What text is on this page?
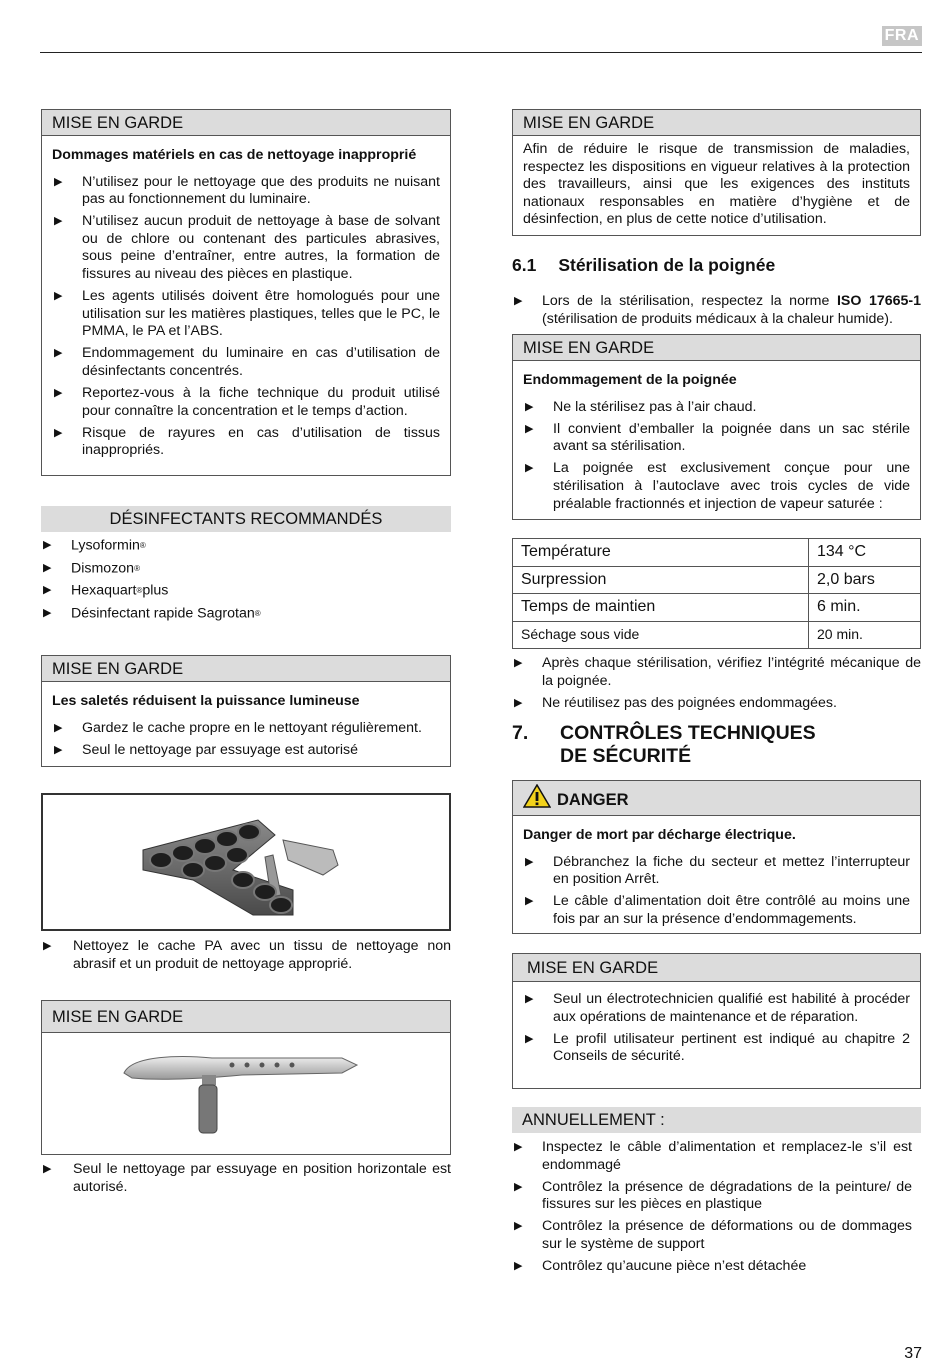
FRA
MISE EN GARDE
Dommages matériels en cas de nettoyage inapproprié
▶ N’utilisez pour le nettoyage que des produits ne nuisant pas au fonctionnement du luminaire.
▶ N’utilisez aucun produit de nettoyage à base de solvant ou de chlore ou contenant des particules abrasives, sous peine d’entraîner, entre autres, la formation de fissures au niveau des pièces en plastique.
▶ Les agents utilisés doivent être homologués pour une utilisation sur les matières plastiques, telles que le PC, le PMMA, le PA et l’ABS.
▶ Endommagement du luminaire en cas d’utilisation de désinfectants concentrés.
▶ Reportez-vous à la fiche technique du produit utilisé pour connaître la concentration et le temps d’action.
▶ Risque de rayures en cas d’utilisation de tissus inappropriés.
DÉSINFECTANTS RECOMMANDÉS
▶ Lysoformin®
▶ Dismozon®
▶ Hexaquart®plus
▶ Désinfectant rapide Sagrotan®
MISE EN GARDE
Les saletés réduisent la puissance lumineuse
▶ Gardez le cache propre en le nettoyant régulièrement.
▶ Seul le nettoyage par essuyage est autorisé
▶ Nettoyez le cache PA avec un tissu de nettoyage non abrasif et un produit de nettoyage approprié.
MISE EN GARDE
▶ Seul le nettoyage par essuyage en position horizontale est autorisé.
MISE EN GARDE
Afin de réduire le risque de transmission de maladies, respectez les dispositions en vigueur relatives à la protection des travailleurs, ainsi que les exigences des instituts nationaux responsables en matière d’hygiène et de désinfection, en plus de cette notice d’utilisation.
6.1 Stérilisation de la poignée
▶ Lors de la stérilisation, respectez la norme ISO 17665-1 (stérilisation de produits médicaux à la chaleur humide).
MISE EN GARDE
Endommagement de la poignée
▶ Ne la stérilisez pas à l’air chaud.
▶ Il convient d’emballer la poignée dans un sac stérile avant sa stérilisation.
▶ La poignée est exclusivement conçue pour une stérilisation à l’autoclave avec trois cycles de vide préalable fractionnés et injection de vapeur saturée :
Température	134 °C
Surpression	2,0 bars
Temps de maintien	6 min.
Séchage sous vide	20 min.
▶ Après chaque stérilisation, vérifiez l’intégrité mécanique de la poignée.
▶ Ne réutilisez pas des poignées endommagées.
7. CONTRÔLES TECHNIQUES
DE SÉCURITÉ
DANGER
Danger de mort par décharge électrique.
▶ Débranchez la fiche du secteur et mettez l’interrupteur en position Arrêt.
▶ Le câble d’alimentation doit être contrôlé au moins une fois par an sur la présence d’endommagements.
MISE EN GARDE
▶ Seul un électrotechnicien qualifié est habilité à procéder aux opérations de maintenance et de réparation.
▶ Le profil utilisateur pertinent est indiqué au chapitre 2 Conseils de sécurité.
ANNUELLEMENT :
▶ Inspectez le câble d’alimentation et remplacez-le s’il est endommagé
▶ Contrôlez la présence de dégradations de la peinture/ de fissures sur les pièces en plastique
▶ Contrôlez la présence de déformations ou de dommages sur le système de support
▶ Contrôlez qu’aucune pièce n’est détachée
37
